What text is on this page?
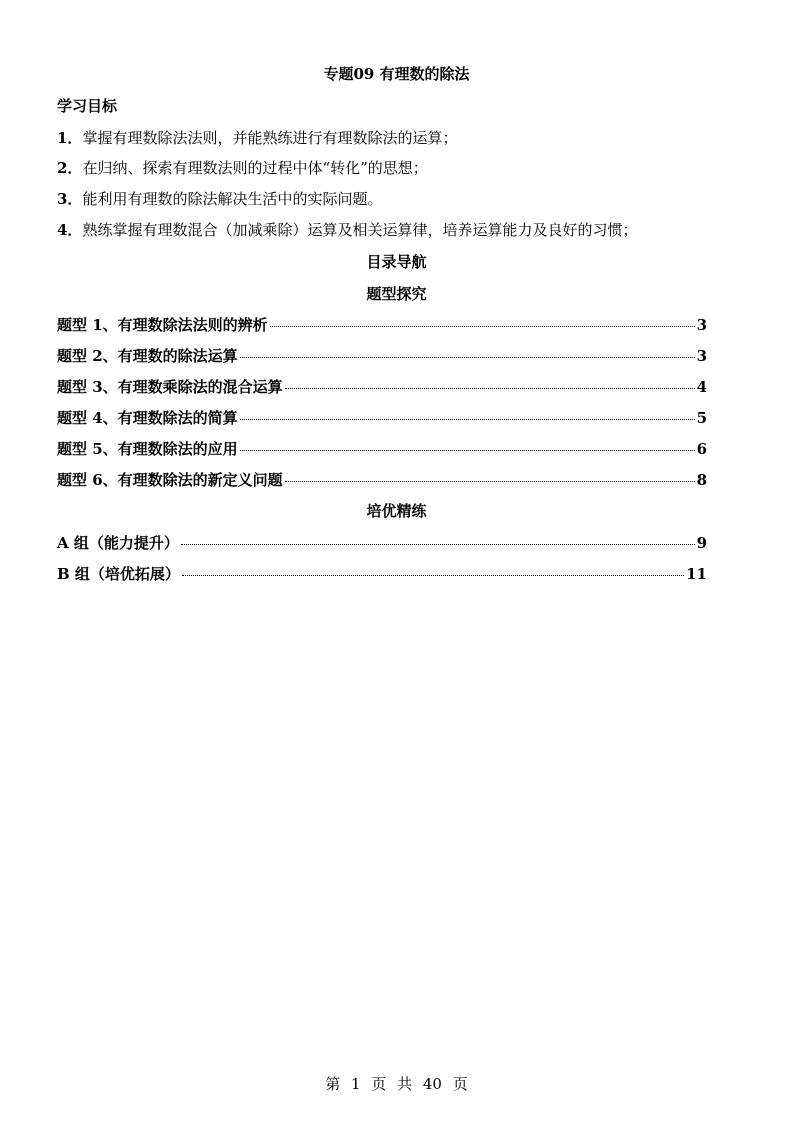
专题09 有理数的除法
学习目标
1．掌握有理数除法法则，并能熟练进行有理数除法的运算；
2．在归纳、探索有理数法则的过程中体“转化”的思想；
3．能利用有理数的除法解决生活中的实际问题。
4．熟练掌握有理数混合（加减乘除）运算及相关运算律，培养运算能力及良好的习惯；
目录导航
题型探究
题型 1、有理数除法法则的辨析	3
题型 2、有理数的除法运算	3
题型 3、有理数乘除法的混合运算	4
题型 4、有理数除法的简算	5
题型 5、有理数除法的应用	6
题型 6、有理数除法的新定义问题	8
培优精练
A 组（能力提升）	9
B 组（培优拓展）	11
第 1 页 共 40 页
